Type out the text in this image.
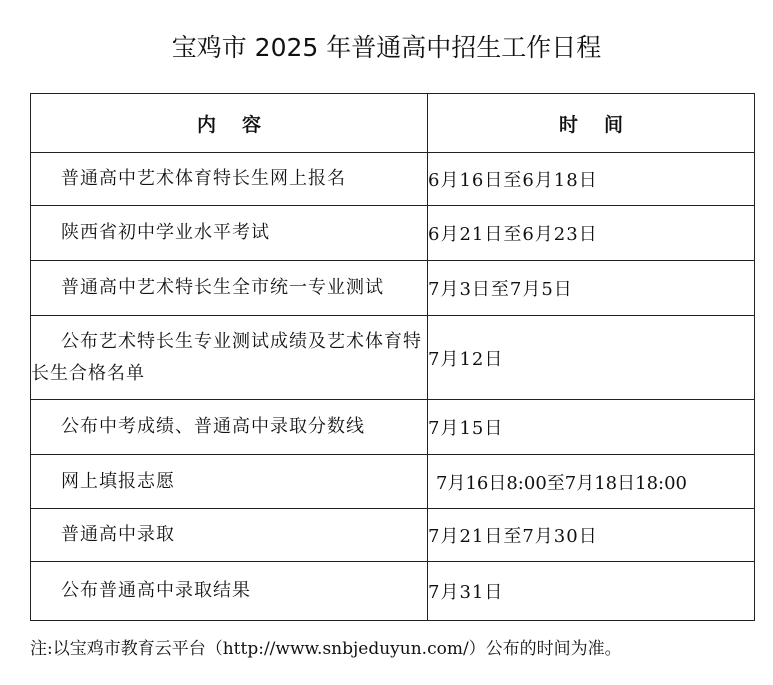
宝鸡市 2025 年普通高中招生工作日程
内容	时间
普通高中艺术体育特长生网上报名	6月16日至6月18日
陕西省初中学业水平考试	6月21日至6月23日
普通高中艺术特长生全市统一专业测试	7月3日至7月5日
公布艺术特长生专业测试成绩及艺术体育特长生合格名单	7月12日
公布中考成绩、普通高中录取分数线	7月15日
网上填报志愿	7月16日8:00至7月18日18:00
普通高中录取	7月21日至7月30日
公布普通高中录取结果	7月31日
注:以宝鸡市教育云平台（http://www.snbjeduyun.com/）公布的时间为准。
